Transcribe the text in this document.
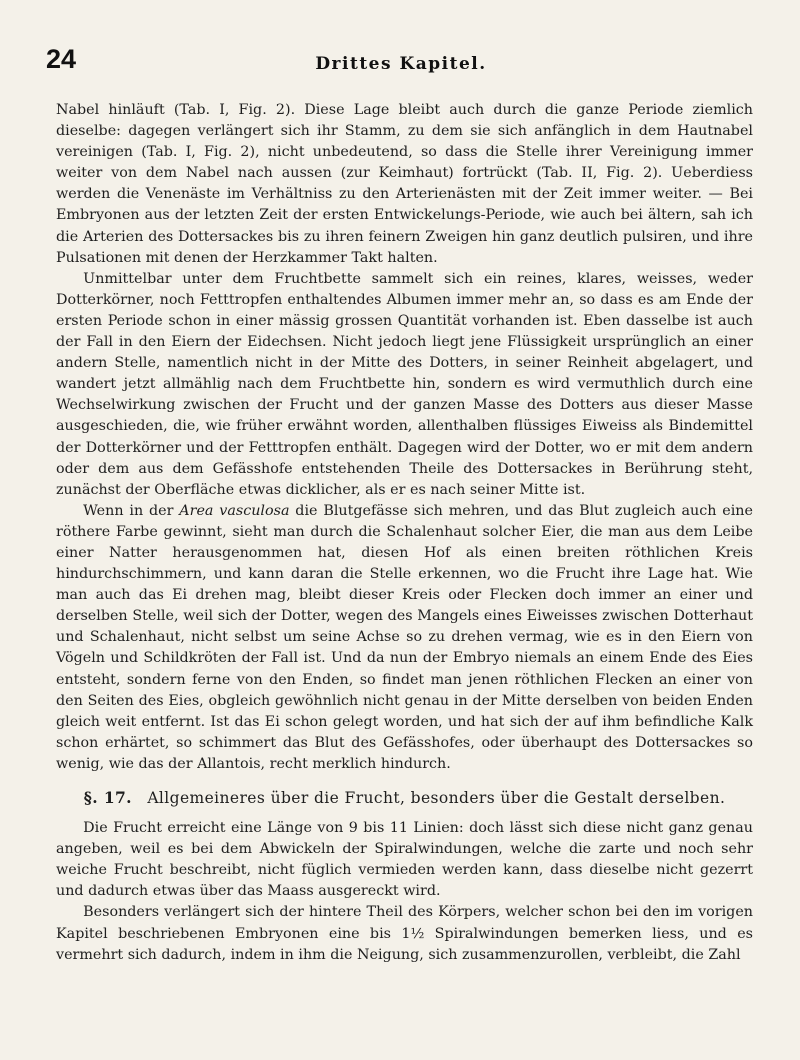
24	Drittes Kapitel.

Nabel hinläuft (Tab. I, Fig. 2). Diese Lage bleibt auch durch die ganze Periode ziemlich dieselbe: dagegen verlängert sich ihr Stamm, zu dem sie sich anfänglich in dem Hautnabel vereinigen (Tab. I, Fig. 2), nicht unbedeutend, so dass die Stelle ihrer Vereinigung immer weiter von dem Nabel nach aussen (zur Keimhaut) fortrückt (Tab. II, Fig. 2). Ueberdiess werden die Venenäste im Verhältniss zu den Arterienästen mit der Zeit immer weiter. — Bei Embryonen aus der letzten Zeit der ersten Entwickelungs-Periode, wie auch bei ältern, sah ich die Arterien des Dottersackes bis zu ihren feinern Zweigen hin ganz deutlich pulsiren, und ihre Pulsationen mit denen der Herzkammer Takt halten.

Unmittelbar unter dem Fruchtbette sammelt sich ein reines, klares, weisses, weder Dotterkörner, noch Fetttropfen enthaltendes Albumen immer mehr an, so dass es am Ende der ersten Periode schon in einer mässig grossen Quantität vorhanden ist. Eben dasselbe ist auch der Fall in den Eiern der Eidechsen. Nicht jedoch liegt jene Flüssigkeit ursprünglich an einer andern Stelle, namentlich nicht in der Mitte des Dotters, in seiner Reinheit abgelagert, und wandert jetzt allmählig nach dem Fruchtbette hin, sondern es wird vermuthlich durch eine Wechselwirkung zwischen der Frucht und der ganzen Masse des Dotters aus dieser Masse ausgeschieden, die, wie früher erwähnt worden, allenthalben flüssiges Eiweiss als Bindemittel der Dotterkörner und der Fetttropfen enthält. Dagegen wird der Dotter, wo er mit dem andern oder dem aus dem Gefässhofe entstehenden Theile des Dottersackes in Berührung steht, zunächst der Oberfläche etwas dicklicher, als er es nach seiner Mitte ist.

Wenn in der Area vasculosa die Blutgefässe sich mehren, und das Blut zugleich auch eine röthere Farbe gewinnt, sieht man durch die Schalenhaut solcher Eier, die man aus dem Leibe einer Natter herausgenommen hat, diesen Hof als einen breiten röthlichen Kreis hindurchschimmern, und kann daran die Stelle erkennen, wo die Frucht ihre Lage hat. Wie man auch das Ei drehen mag, bleibt dieser Kreis oder Flecken doch immer an einer und derselben Stelle, weil sich der Dotter, wegen des Mangels eines Eiweisses zwischen Dotterhaut und Schalenhaut, nicht selbst um seine Achse so zu drehen vermag, wie es in den Eiern von Vögeln und Schildkröten der Fall ist. Und da nun der Embryo niemals an einem Ende des Eies entsteht, sondern ferne von den Enden, so findet man jenen röthlichen Flecken an einer von den Seiten des Eies, obgleich gewöhnlich nicht genau in der Mitte derselben von beiden Enden gleich weit entfernt. Ist das Ei schon gelegt worden, und hat sich der auf ihm befindliche Kalk schon erhärtet, so schimmert das Blut des Gefässhofes, oder überhaupt des Dottersackes so wenig, wie das der Allantois, recht merklich hindurch.

§. 17. Allgemeineres über die Frucht, besonders über die Gestalt derselben.

Die Frucht erreicht eine Länge von 9 bis 11 Linien: doch lässt sich diese nicht ganz genau angeben, weil es bei dem Abwickeln der Spiralwindungen, welche die zarte und noch sehr weiche Frucht beschreibt, nicht füglich vermieden werden kann, dass dieselbe nicht gezerrt und dadurch etwas über das Maass ausgereckt wird.

Besonders verlängert sich der hintere Theil des Körpers, welcher schon bei den im vorigen Kapitel beschriebenen Embryonen eine bis 1½ Spiralwindungen bemerken liess, und es vermehrt sich dadurch, indem in ihm die Neigung, sich zusammenzurollen, verbleibt, die Zahl
